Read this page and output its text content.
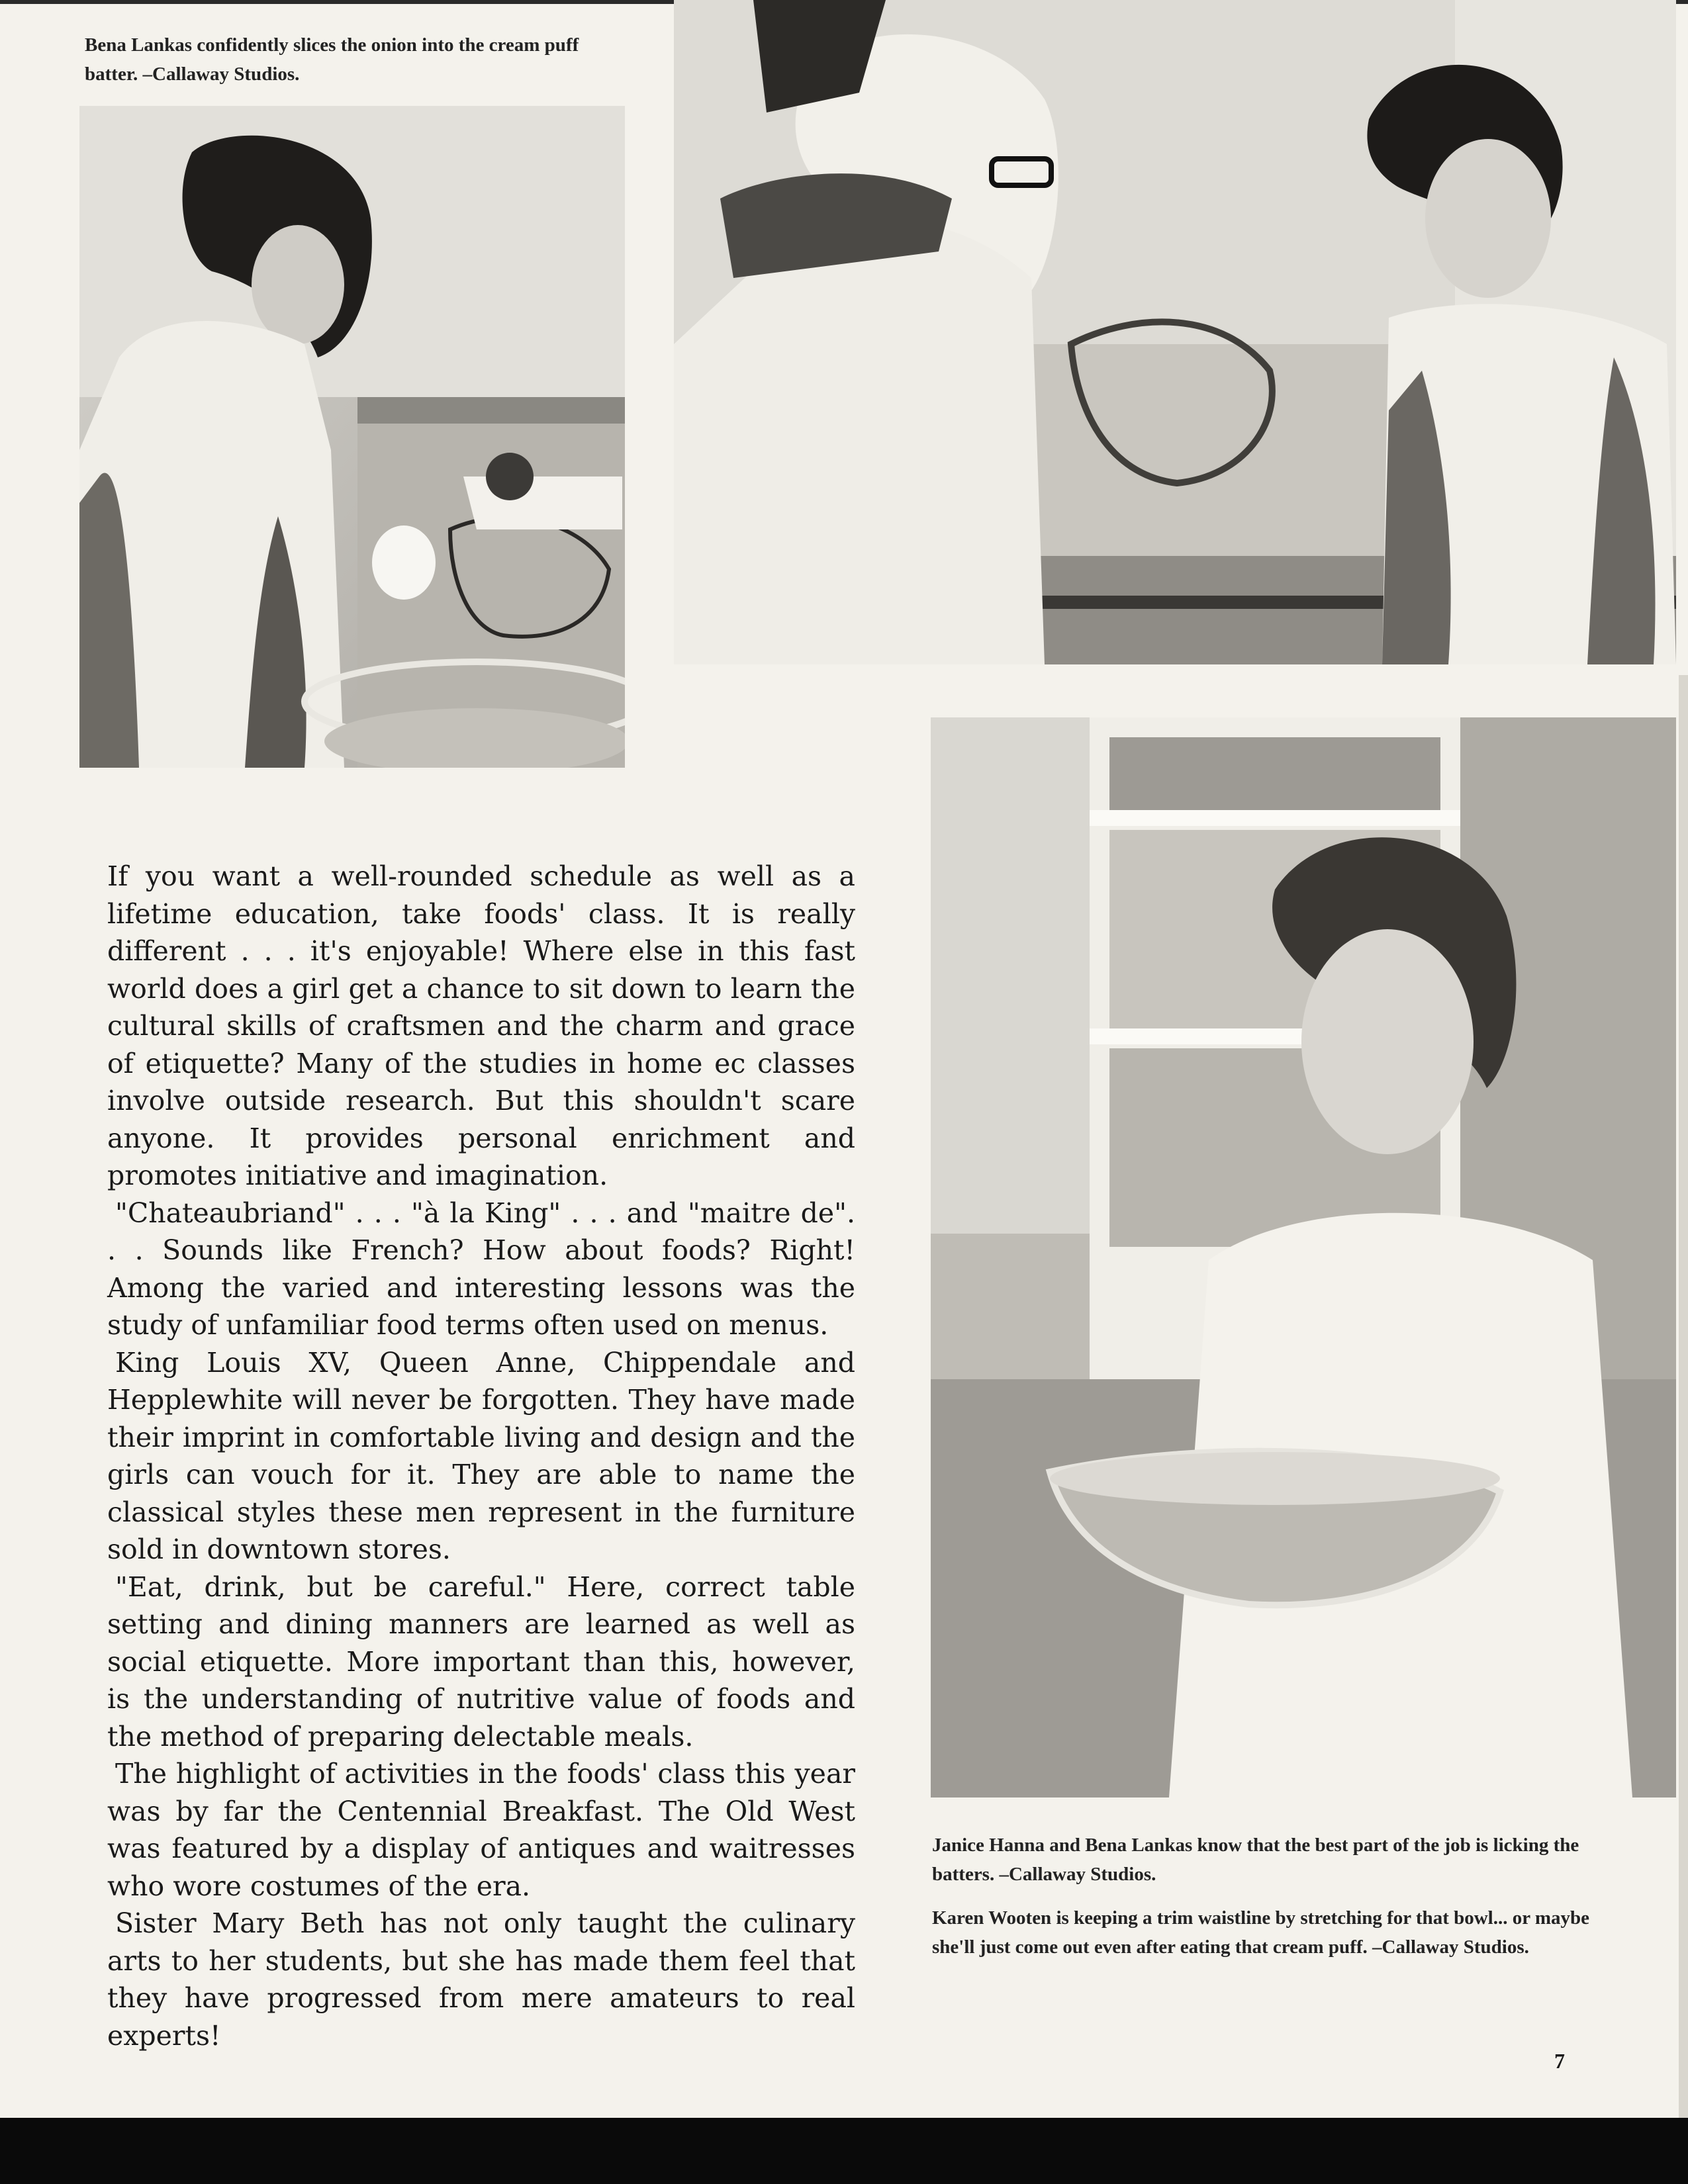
Bena Lankas confidently slices the onion into the cream puff batter. –Callaway Studios.
Janice Hanna and Bena Lankas know that the best part of the job is licking the batters. –Callaway Studios.
Karen Wooten is keeping a trim waistline by stretching for that bowl... or maybe she'll just come out even after eating that cream puff. –Callaway Studios.

If you want a well-rounded schedule as well as a lifetime education, take foods' class. It is really different . . . it's enjoyable! Where else in this fast world does a girl get a chance to sit down to learn the cultural skills of craftsmen and the charm and grace of etiquette? Many of the studies in home ec classes involve outside research. But this shouldn't scare anyone. It provides personal enrichment and promotes initiative and imagination.

"Chateaubriand" . . . "à la King" . . . and "maitre de". . . Sounds like French? How about foods? Right! Among the varied and interesting lessons was the study of unfamiliar food terms often used on menus.

King Louis XV, Queen Anne, Chippendale and Hepplewhite will never be forgotten. They have made their imprint in comfortable living and design and the girls can vouch for it. They are able to name the classical styles these men represent in the furniture sold in downtown stores.

"Eat, drink, but be careful." Here, correct table setting and dining manners are learned as well as social etiquette. More important than this, however, is the understanding of nutritive value of foods and the method of preparing delectable meals.

The highlight of activities in the foods' class this year was by far the Centennial Breakfast. The Old West was featured by a display of antiques and waitresses who wore costumes of the era.

Sister Mary Beth has not only taught the culinary arts to her students, but she has made them feel that they have progressed from mere amateurs to real experts!

7
